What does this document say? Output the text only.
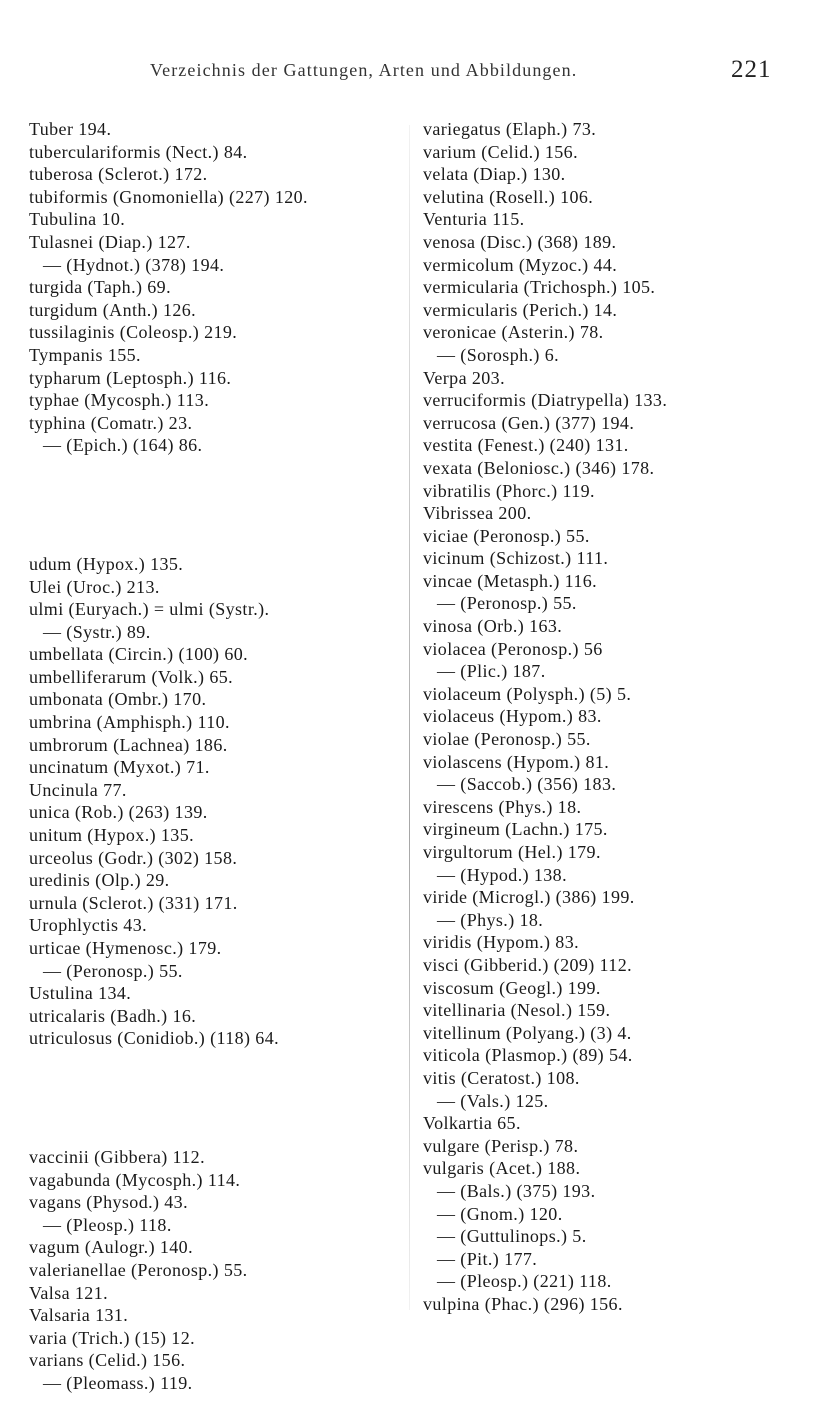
Verzeichnis der Gattungen, Arten und Abbildungen.	221
Tuber 194.
tuberculariformis (Nect.) 84.
tuberosa (Sclerot.) 172.
tubiformis (Gnomoniella) (227) 120.
Tubulina 10.
Tulasnei (Diap.) 127.
— (Hydnot.) (378) 194.
turgida (Taph.) 69.
turgidum (Anth.) 126.
tussilaginis (Coleosp.) 219.
Tympanis 155.
typharum (Leptosph.) 116.
typhae (Mycosph.) 113.
typhina (Comatr.) 23.
— (Epich.) (164) 86.
udum (Hypox.) 135.
Ulei (Uroc.) 213.
ulmi (Euryach.) = ulmi (Systr.).
— (Systr.) 89.
umbellata (Circin.) (100) 60.
umbelliferarum (Volk.) 65.
umbonata (Ombr.) 170.
umbrina (Amphisph.) 110.
umbrorum (Lachnea) 186.
uncinatum (Myxot.) 71.
Uncinula 77.
unica (Rob.) (263) 139.
unitum (Hypox.) 135.
urceolus (Godr.) (302) 158.
uredinis (Olp.) 29.
urnula (Sclerot.) (331) 171.
Urophlyctis 43.
urticae (Hymenosc.) 179.
— (Peronosp.) 55.
Ustulina 134.
utricalaris (Badh.) 16.
utriculosus (Conidiob.) (118) 64.
vaccinii (Gibbera) 112.
vagabunda (Mycosph.) 114.
vagans (Physod.) 43.
— (Pleosp.) 118.
vagum (Aulogr.) 140.
valerianellae (Peronosp.) 55.
Valsa 121.
Valsaria 131.
varia (Trich.) (15) 12.
varians (Celid.) 156.
— (Pleomass.) 119.
variegatus (Elaph.) 73.
varium (Celid.) 156.
velata (Diap.) 130.
velutina (Rosell.) 106.
Venturia 115.
venosa (Disc.) (368) 189.
vermicolum (Myzoc.) 44.
vermicularia (Trichosph.) 105.
vermicularis (Perich.) 14.
veronicae (Asterin.) 78.
— (Sorosph.) 6.
Verpa 203.
verruciformis (Diatrypella) 133.
verrucosa (Gen.) (377) 194.
vestita (Fenest.) (240) 131.
vexata (Beloniosc.) (346) 178.
vibratilis (Phorc.) 119.
Vibrissea 200.
viciae (Peronosp.) 55.
vicinum (Schizost.) 111.
vincae (Metasph.) 116.
— (Peronosp.) 55.
vinosa (Orb.) 163.
violacea (Peronosp.) 56
— (Plic.) 187.
violaceum (Polysph.) (5) 5.
violaceus (Hypom.) 83.
violae (Peronosp.) 55.
violascens (Hypom.) 81.
— (Saccob.) (356) 183.
virescens (Phys.) 18.
virgineum (Lachn.) 175.
virgultorum (Hel.) 179.
— (Hypod.) 138.
viride (Microgl.) (386) 199.
— (Phys.) 18.
viridis (Hypom.) 83.
visci (Gibberid.) (209) 112.
viscosum (Geogl.) 199.
vitellinaria (Nesol.) 159.
vitellinum (Polyang.) (3) 4.
viticola (Plasmop.) (89) 54.
vitis (Ceratost.) 108.
— (Vals.) 125.
Volkartia 65.
vulgare (Perisp.) 78.
vulgaris (Acet.) 188.
— (Bals.) (375) 193.
— (Gnom.) 120.
— (Guttulinops.) 5.
— (Pit.) 177.
— (Pleosp.) (221) 118.
vulpina (Phac.) (296) 156.
